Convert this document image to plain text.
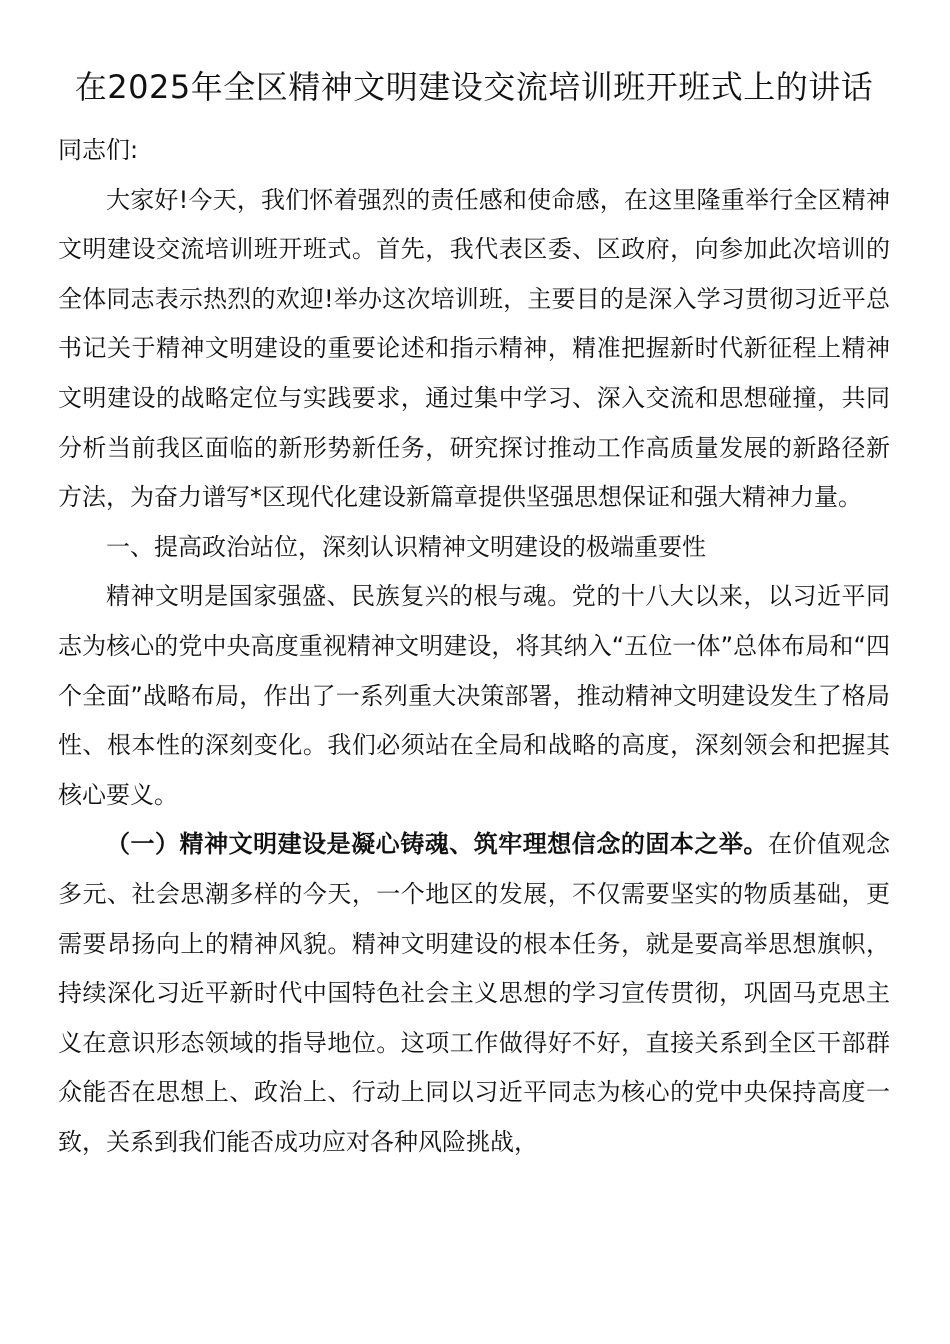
在2025年全区精神文明建设交流培训班开班式上的讲话

同志们:

大家好!今天，我们怀着强烈的责任感和使命感，在这里隆重举行全区精神文明建设交流培训班开班式。首先，我代表区委、区政府，向参加此次培训的全体同志表示热烈的欢迎!举办这次培训班，主要目的是深入学习贯彻习近平总书记关于精神文明建设的重要论述和指示精神，精准把握新时代新征程上精神文明建设的战略定位与实践要求，通过集中学习、深入交流和思想碰撞，共同分析当前我区面临的新形势新任务，研究探讨推动工作高质量发展的新路径新方法，为奋力谱写*区现代化建设新篇章提供坚强思想保证和强大精神力量。

一、提高政治站位，深刻认识精神文明建设的极端重要性

精神文明是国家强盛、民族复兴的根与魂。党的十八大以来，以习近平同志为核心的党中央高度重视精神文明建设，将其纳入“五位一体”总体布局和“四个全面”战略布局，作出了一系列重大决策部署，推动精神文明建设发生了格局性、根本性的深刻变化。我们必须站在全局和战略的高度，深刻领会和把握其核心要义。

（一）精神文明建设是凝心铸魂、筑牢理想信念的固本之举。在价值观念多元、社会思潮多样的今天，一个地区的发展，不仅需要坚实的物质基础，更需要昂扬向上的精神风貌。精神文明建设的根本任务，就是要高举思想旗帜，持续深化习近平新时代中国特色社会主义思想的学习宣传贯彻，巩固马克思主义在意识形态领域的指导地位。这项工作做得好不好，直接关系到全区干部群众能否在思想上、政治上、行动上同以习近平同志为核心的党中央保持高度一致，关系到我们能否成功应对各种风险挑战，
